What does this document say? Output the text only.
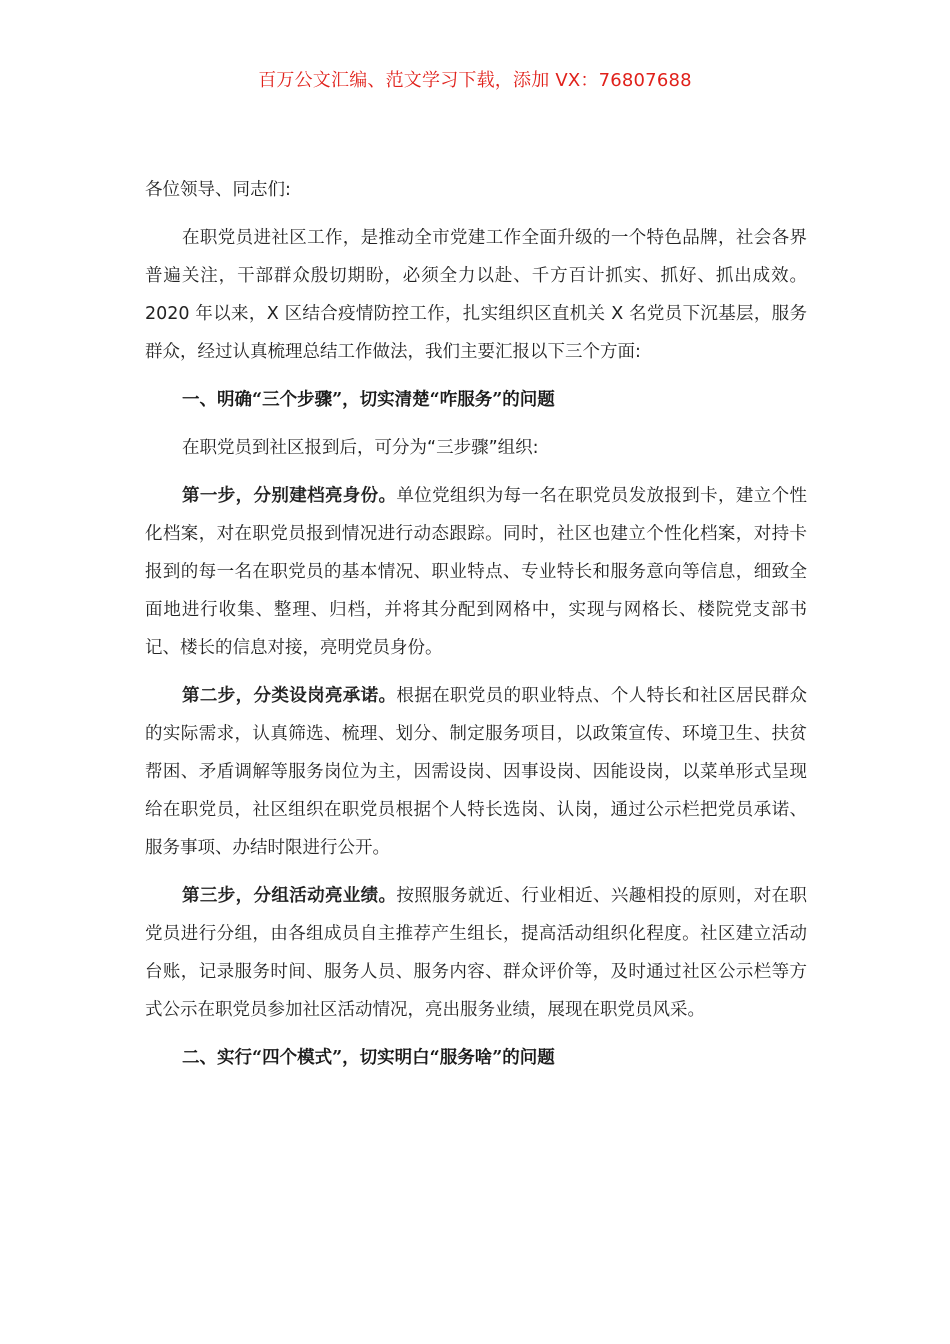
百万公文汇编、范文学习下载，添加 VX：76807688

各位领导、同志们:

在职党员进社区工作，是推动全市党建工作全面升级的一个特色品牌，社会各界普遍关注，干部群众殷切期盼，必须全力以赴、千方百计抓实、抓好、抓出成效。2020 年以来，X 区结合疫情防控工作，扎实组织区直机关 X 名党员下沉基层，服务群众，经过认真梳理总结工作做法，我们主要汇报以下三个方面:

一、明确“三个步骤”，切实清楚“咋服务”的问题

在职党员到社区报到后，可分为“三步骤”组织:

第一步，分别建档亮身份。单位党组织为每一名在职党员发放报到卡，建立个性化档案，对在职党员报到情况进行动态跟踪。同时，社区也建立个性化档案，对持卡报到的每一名在职党员的基本情况、职业特点、专业特长和服务意向等信息，细致全面地进行收集、整理、归档，并将其分配到网格中，实现与网格长、楼院党支部书记、楼长的信息对接，亮明党员身份。

第二步，分类设岗亮承诺。根据在职党员的职业特点、个人特长和社区居民群众的实际需求，认真筛选、梳理、划分、制定服务项目，以政策宣传、环境卫生、扶贫帮困、矛盾调解等服务岗位为主，因需设岗、因事设岗、因能设岗，以菜单形式呈现给在职党员，社区组织在职党员根据个人特长选岗、认岗，通过公示栏把党员承诺、服务事项、办结时限进行公开。

第三步，分组活动亮业绩。按照服务就近、行业相近、兴趣相投的原则，对在职党员进行分组，由各组成员自主推荐产生组长，提高活动组织化程度。社区建立活动台账，记录服务时间、服务人员、服务内容、群众评价等，及时通过社区公示栏等方式公示在职党员参加社区活动情况，亮出服务业绩，展现在职党员风采。

二、实行“四个模式”，切实明白“服务啥”的问题
